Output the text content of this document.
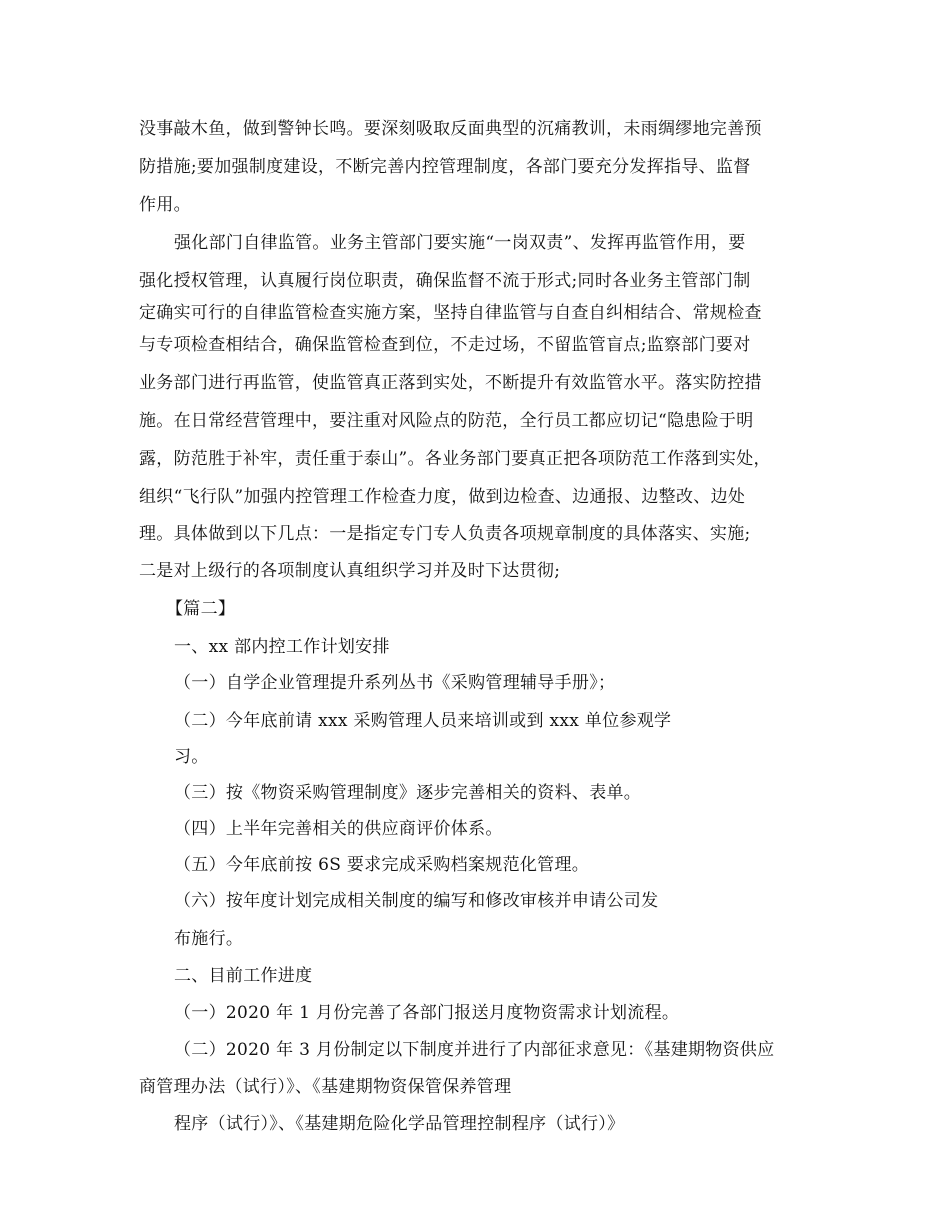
没事敲木鱼，做到警钟长鸣。要深刻吸取反面典型的沉痛教训，未雨绸缪地完善预
防措施;要加强制度建设，不断完善内控管理制度，各部门要充分发挥指导、监督
作用。
强化部门自律监管。业务主管部门要实施“一岗双责”、发挥再监管作用，要
强化授权管理，认真履行岗位职责，确保监督不流于形式;同时各业务主管部门制
定确实可行的自律监管检查实施方案，坚持自律监管与自查自纠相结合、常规检查
与专项检查相结合，确保监管检查到位，不走过场，不留监管盲点;监察部门要对
业务部门进行再监管，使监管真正落到实处，不断提升有效监管水平。落实防控措
施。在日常经营管理中，要注重对风险点的防范，全行员工都应切记“隐患险于明
露，防范胜于补牢，责任重于泰山”。各业务部门要真正把各项防范工作落到实处，
组织“飞行队”加强内控管理工作检查力度，做到边检查、边通报、边整改、边处
理。具体做到以下几点：一是指定专门专人负责各项规章制度的具体落实、实施;
二是对上级行的各项制度认真组织学习并及时下达贯彻;
【篇二】
一、xx 部内控工作计划安排
（一）自学企业管理提升系列丛书《采购管理辅导手册》；
（二）今年底前请 xxx 采购管理人员来培训或到 xxx 单位参观学
习。
（三）按《物资采购管理制度》逐步完善相关的资料、表单。
（四）上半年完善相关的供应商评价体系。
（五）今年底前按 6S 要求完成采购档案规范化管理。
（六）按年度计划完成相关制度的编写和修改审核并申请公司发
布施行。
二、目前工作进度
（一）2020 年 1 月份完善了各部门报送月度物资需求计划流程。
（二）2020 年 3 月份制定以下制度并进行了内部征求意见：《基建期物资供应
商管理办法（试行）》、《基建期物资保管保养管理
程序（试行）》、《基建期危险化学品管理控制程序（试行）》
